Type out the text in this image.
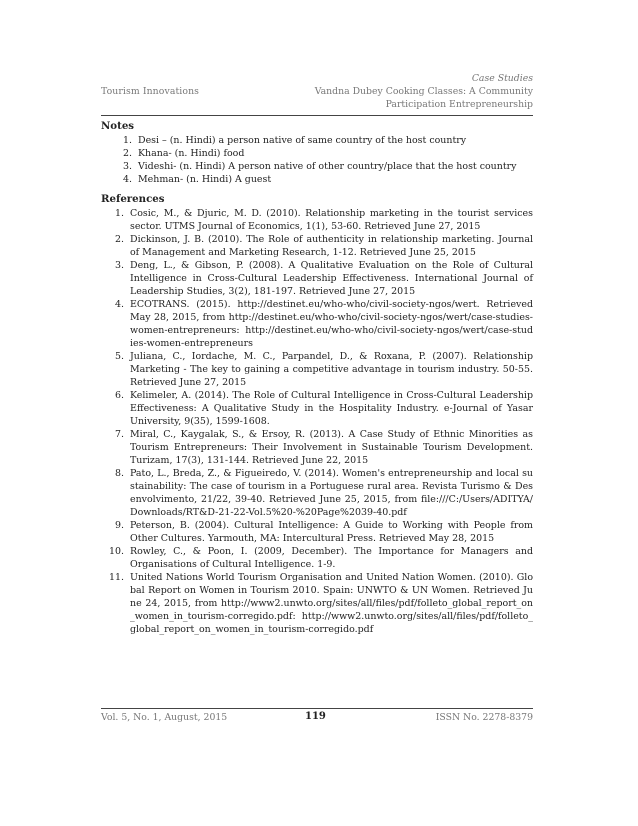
Tourism Innovations
Case Studies
Vandna Dubey Cooking Classes: A Community
Participation Entrepreneurship
Notes
1. Desi – (n. Hindi) a person native of same country of the host country
2. Khana- (n. Hindi) food
3. Videshi- (n. Hindi) A person native of other country/place that the host country
4. Mehman- (n. Hindi) A guest
References
1. Cosic, M., & Djuric, M. D. (2010). Relationship marketing in the tourist services sector. UTMS Journal of Economics, 1(1), 53-60. Retrieved June 27, 2015
2. Dickinson, J. B. (2010). The Role of authenticity in relationship marketing. Journal of Management and Marketing Research, 1-12. Retrieved June 25, 2015
3. Deng, L., & Gibson, P. (2008). A Qualitative Evaluation on the Role of Cultural Intelligence in Cross-Cultural Leadership Effectiveness. International Journal of Leadership Studies, 3(2), 181-197. Retrieved June 27, 2015
4. ECOTRANS. (2015). http://destinet.eu/who-who/civil-society-ngos/wert. Retrieved May 28, 2015, from http://destinet.eu/who-who/civil-society-ngos/wert/case-studies-women-entrepreneurs: http://destinet.eu/who-who/civil-society-ngos/wert/case-studies-women-entrepreneurs
5. Juliana, C., Iordache, M. C., Parpandel, D., & Roxana, P. (2007). Relationship Marketing - The key to gaining a competitive advantage in tourism industry. 50-55. Retrieved June 27, 2015
6. Kelimeler, A. (2014). The Role of Cultural Intelligence in Cross-Cultural Leadership Effectiveness: A Qualitative Study in the Hospitality Industry. e-Journal of Yasar University, 9(35), 1599-1608.
7. Miral, C., Kaygalak, S., & Ersoy, R. (2013). A Case Study of Ethnic Minorities as Tourism Entrepreneurs: Their Involvement in Sustainable Tourism Development. Turizam, 17(3), 131-144. Retrieved June 22, 2015
8. Pato, L., Breda, Z., & Figueiredo, V. (2014). Women's entrepreneurship and local sustainability: The case of tourism in a Portuguese rural area. Revista Turismo & Desenvolvimento, 21/22, 39-40. Retrieved June 25, 2015, from file:///C:/Users/ADITYA/Downloads/RT&D-21-22-Vol.5%20-%20Page%2039-40.pdf
9. Peterson, B. (2004). Cultural Intelligence: A Guide to Working with People from Other Cultures. Yarmouth, MA: Intercultural Press. Retrieved May 28, 2015
10. Rowley, C., & Poon, I. (2009, December). The Importance for Managers and Organisations of Cultural Intelligence. 1-9.
11. United Nations World Tourism Organisation and United Nation Women. (2010). Global Report on Women in Tourism 2010. Spain: UNWTO & UN Women. Retrieved June 24, 2015, from http://www2.unwto.org/sites/all/files/pdf/folleto_global_report_on_women_in_tourism-corregido.pdf: http://www2.unwto.org/sites/all/files/pdf/folleto_global_report_on_women_in_tourism-corregido.pdf
Vol. 5, No. 1, August, 2015	119	ISSN No. 2278-8379
